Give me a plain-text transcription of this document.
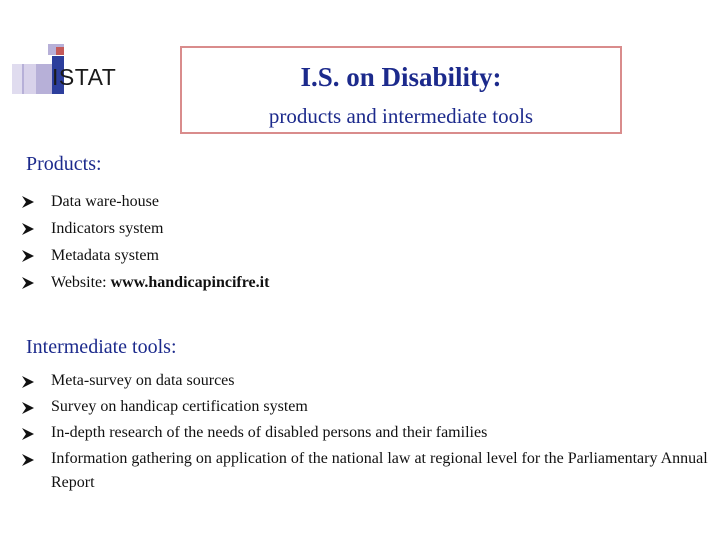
ISTAT	I.S. on Disability:
products and intermediate tools
Products:
Data ware-house
Indicators system
Metadata system
Website: www.handicapincifre.it
Intermediate tools:
Meta-survey on data sources
Survey on handicap certification system
In-depth research of the needs of disabled persons and their families
Information gathering on application of the national law at regional level for the Parliamentary Annual Report
